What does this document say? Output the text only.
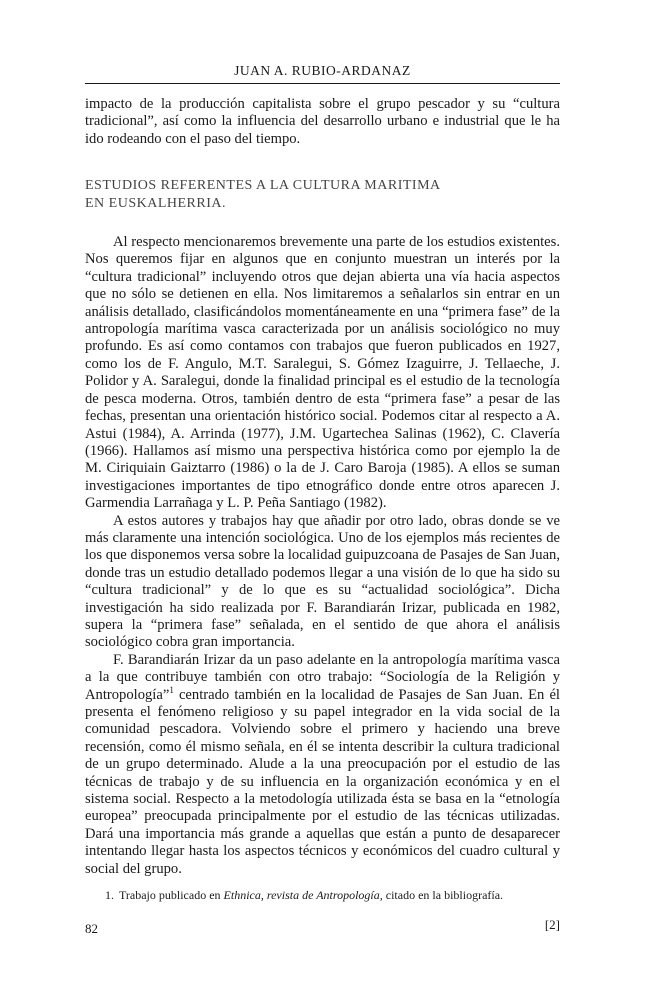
JUAN A. RUBIO-ARDANAZ

impacto de la producción capitalista sobre el grupo pescador y su “cultura tradicional”, así como la influencia del desarrollo urbano e industrial que le ha ido rodeando con el paso del tiempo.

ESTUDIOS REFERENTES A LA CULTURA MARITIMA
EN EUSKALHERRIA.

Al respecto mencionaremos brevemente una parte de los estudios existentes. Nos queremos fijar en algunos que en conjunto muestran un interés por la “cultura tradicional” incluyendo otros que dejan abierta una vía hacia aspectos que no sólo se detienen en ella. Nos limitaremos a señalarlos sin entrar en un análisis detallado, clasificándolos momentáneamente en una “primera fase” de la antropología marítima vasca caracterizada por un análisis sociológico no muy profundo. Es así como contamos con trabajos que fueron publicados en 1927, como los de F. Angulo, M.T. Saralegui, S. Gómez Izaguirre, J. Tellaeche, J. Polidor y A. Saralegui, donde la finalidad principal es el estudio de la tecnología de pesca moderna. Otros, también dentro de esta “primera fase” a pesar de las fechas, presentan una orientación histórico social. Podemos citar al respecto a A. Astui (1984), A. Arrinda (1977), J.M. Ugartechea Salinas (1962), C. Clavería (1966). Hallamos así mismo una perspectiva histórica como por ejemplo la de M. Ciriquiain Gaiztarro (1986) o la de J. Caro Baroja (1985). A ellos se suman investigaciones importantes de tipo etnográfico donde entre otros aparecen J. Garmendia Larrañaga y L. P. Peña Santiago (1982).

A estos autores y trabajos hay que añadir por otro lado, obras donde se ve más claramente una intención sociológica. Uno de los ejemplos más recientes de los que disponemos versa sobre la localidad guipuzcoana de Pasajes de San Juan, donde tras un estudio detallado podemos llegar a una visión de lo que ha sido su “cultura tradicional” y de lo que es su “actualidad sociológica”. Dicha investigación ha sido realizada por F. Barandiarán Irizar, publicada en 1982, supera la “primera fase” señalada, en el sentido de que ahora el análisis sociológico cobra gran importancia.

F. Barandiarán Irizar da un paso adelante en la antropología marítima vasca a la que contribuye también con otro trabajo: “Sociología de la Religión y Antropología”$^1$ centrado también en la localidad de Pasajes de San Juan. En él presenta el fenómeno religioso y su papel integrador en la vida social de la comunidad pescadora. Volviendo sobre el primero y haciendo una breve recensión, como él mismo señala, en él se intenta describir la cultura tradicional de un grupo determinado. Alude a la una preocupación por el estudio de las técnicas de trabajo y de su influencia en la organización económica y en el sistema social. Respecto a la metodología utilizada ésta se basa en la “etnología europea” preocupada principalmente por el estudio de las técnicas utilizadas. Dará una importancia más grande a aquellas que están a punto de desaparecer intentando llegar hasta los aspectos técnicos y económicos del cuadro cultural y social del grupo.

1. Trabajo publicado en Ethnica, revista de Antropología, citado en la bibliografía.
82	[2]
